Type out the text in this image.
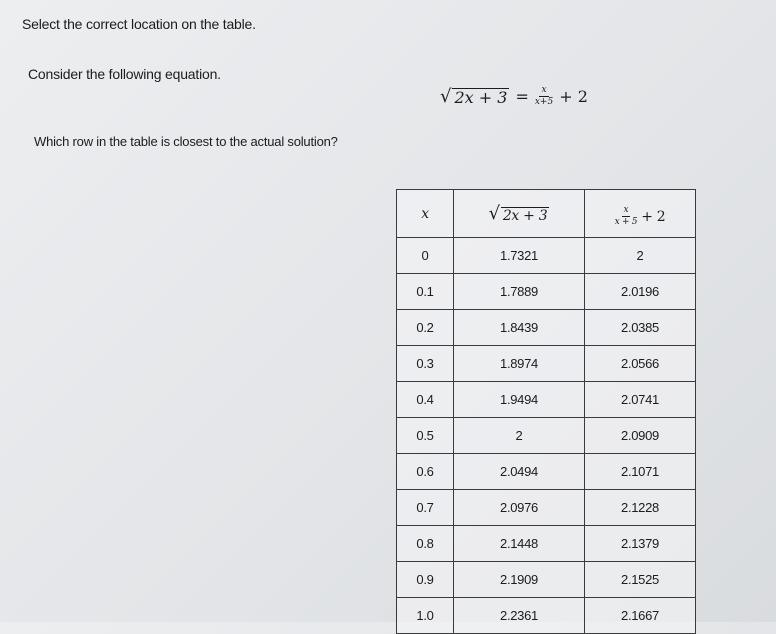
Select the correct location on the table.
Consider the following equation.
√ $2x + 3 = \frac{x}{x+5} + 2$
Which row in the table is closest to the actual solution?
x	√ 2x + 3	$\frac{x}{x + 5} + 2$

0	1.7321	2
0.1	1.7889	2.0196
0.2	1.8439	2.0385
0.3	1.8974	2.0566
0.4	1.9494	2.0741
0.5	2	2.0909
0.6	2.0494	2.1071
0.7	2.0976	2.1228
0.8	2.1448	2.1379
0.9	2.1909	2.1525
1.0	2.2361	2.1667
